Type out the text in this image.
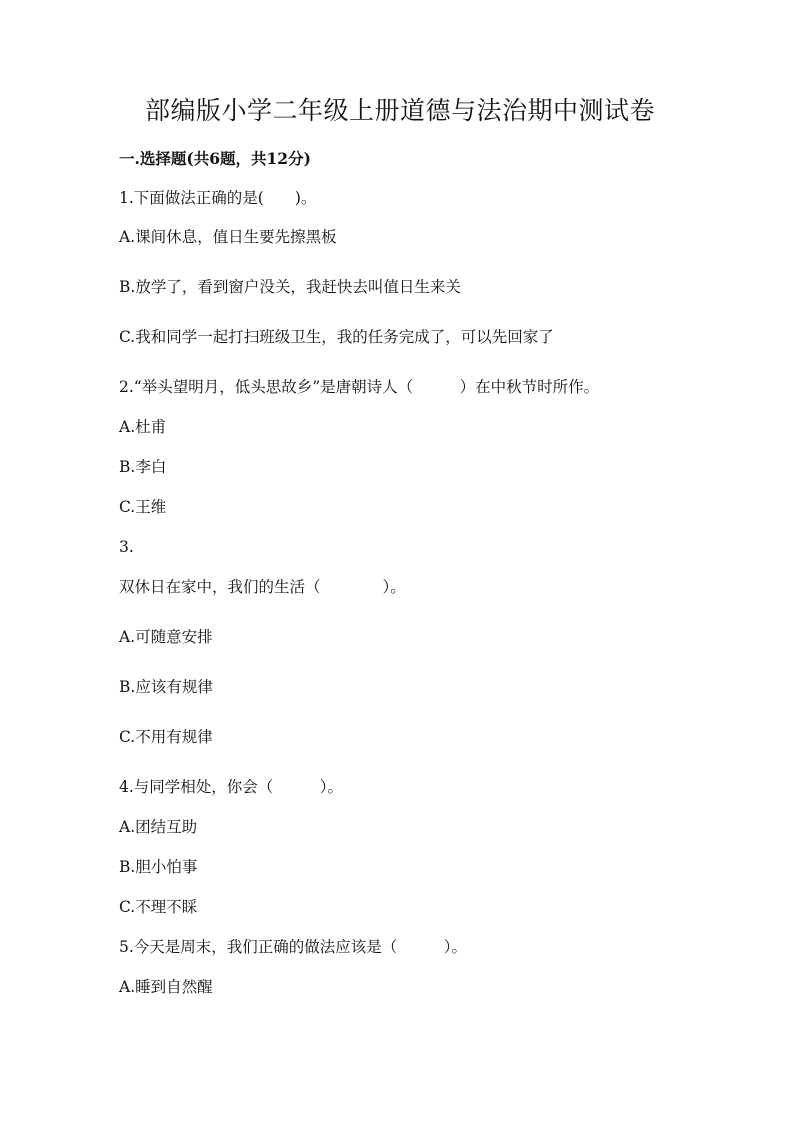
部编版小学二年级上册道德与法治期中测试卷
一.选择题(共6题，共12分)
1.下面做法正确的是(　　)。
A.课间休息，值日生要先擦黑板
B.放学了，看到窗户没关，我赶快去叫值日生来关
C.我和同学一起打扫班级卫生，我的任务完成了，可以先回家了
2.“举头望明月，低头思故乡”是唐朝诗人（　　　）在中秋节时所作。
A.杜甫
B.李白
C.王维
3.
双休日在家中，我们的生活（　　　　）。
A.可随意安排
B.应该有规律
C.不用有规律
4.与同学相处，你会（　　　）。
A.团结互助
B.胆小怕事
C.不理不睬
5.今天是周末，我们正确的做法应该是（　　　）。
A.睡到自然醒
